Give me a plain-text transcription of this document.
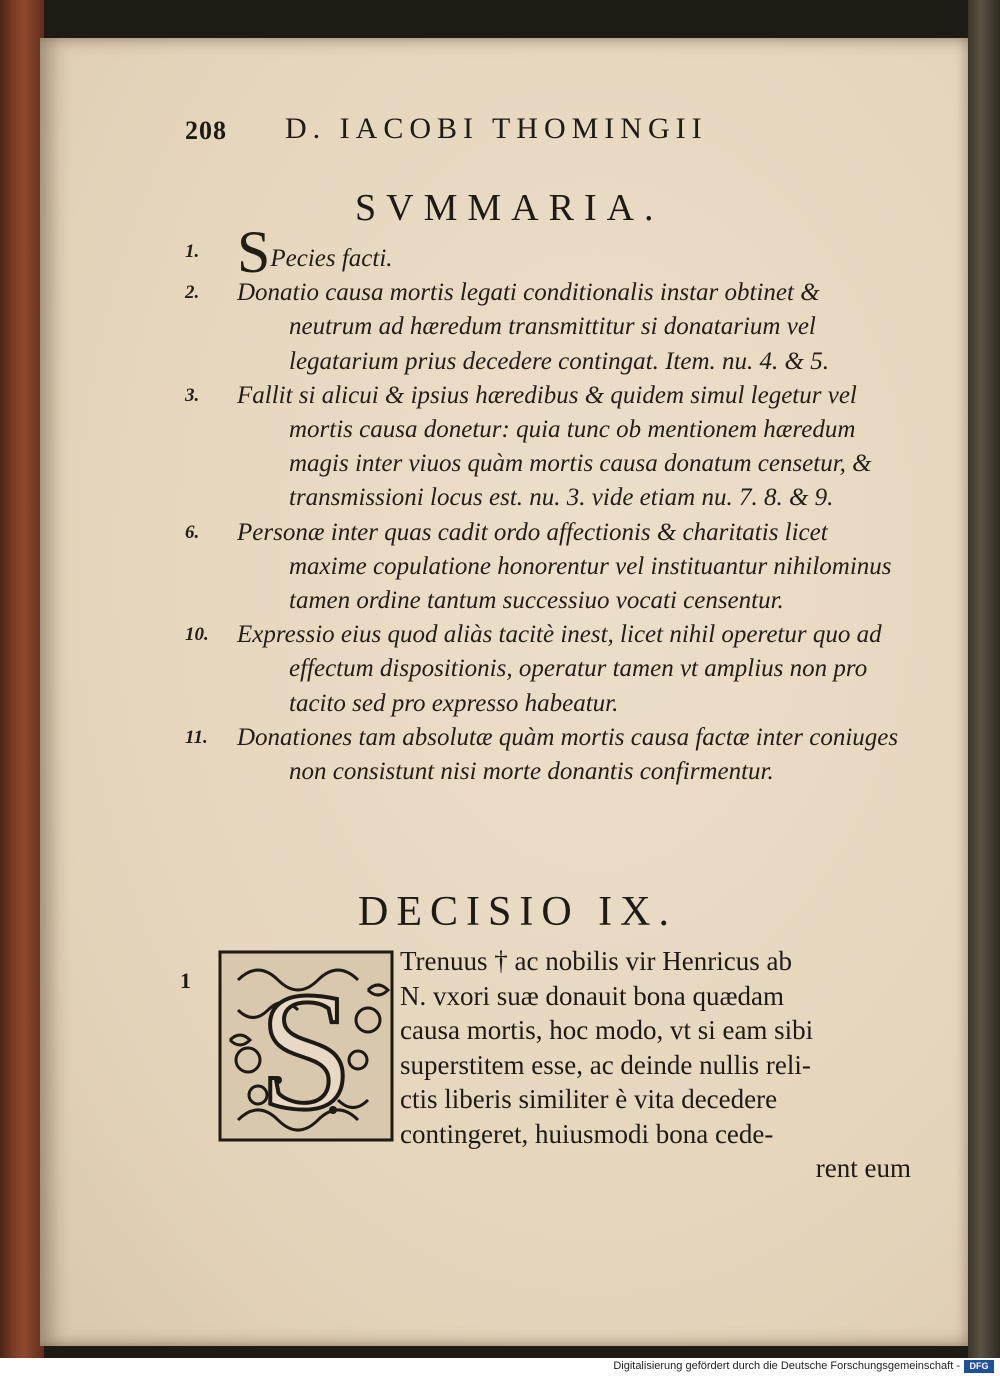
208 D. IACOBI THOMINGII
SVMMARIA.
1. SPecies facti.
2. Donatio causa mortis legati conditionalis instar obtinet & neutrum ad hæredum transmittitur si donatarium vel legatarium prius decedere contingat. Item. nu. 4. & 5.
3. Fallit si alicui & ipsius hæredibus & quidem simul legetur vel mortis causa donetur: quia tunc ob mentionem hæredum magis inter viuos quàm mortis causa donatum censetur, & transmissioni locus est. nu. 3. vide etiam nu. 7. 8. & 9.
6. Personæ inter quas cadit ordo affectionis & charitatis licet maxime copulatione honorentur vel instituantur nihilominus tamen ordine tantum successiuo vocati censentur.
10. Expressio eius quod aliàs tacitè inest, licet nihil operetur quo ad effectum dispositionis, operatur tamen vt amplius non pro tacito sed pro expresso habeatur.
11. Donationes tam absolutæ quàm mortis causa factæ inter coniuges non consistunt nisi morte donantis confirmentur.
DECISIO IX.
1 S Trenuus † ac nobilis vir Henricus ab
N. vxori suæ donauit bona quædam
causa mortis, hoc modo, vt si eam sibi
superstitem esse, ac deinde nullis reli-
ctis liberis similiter è vita decedere
contingeret, huiusmodi bona cede-
rent eum
Digitalisierung gefördert durch die Deutsche Forschungsgemeinschaft -	DFG
